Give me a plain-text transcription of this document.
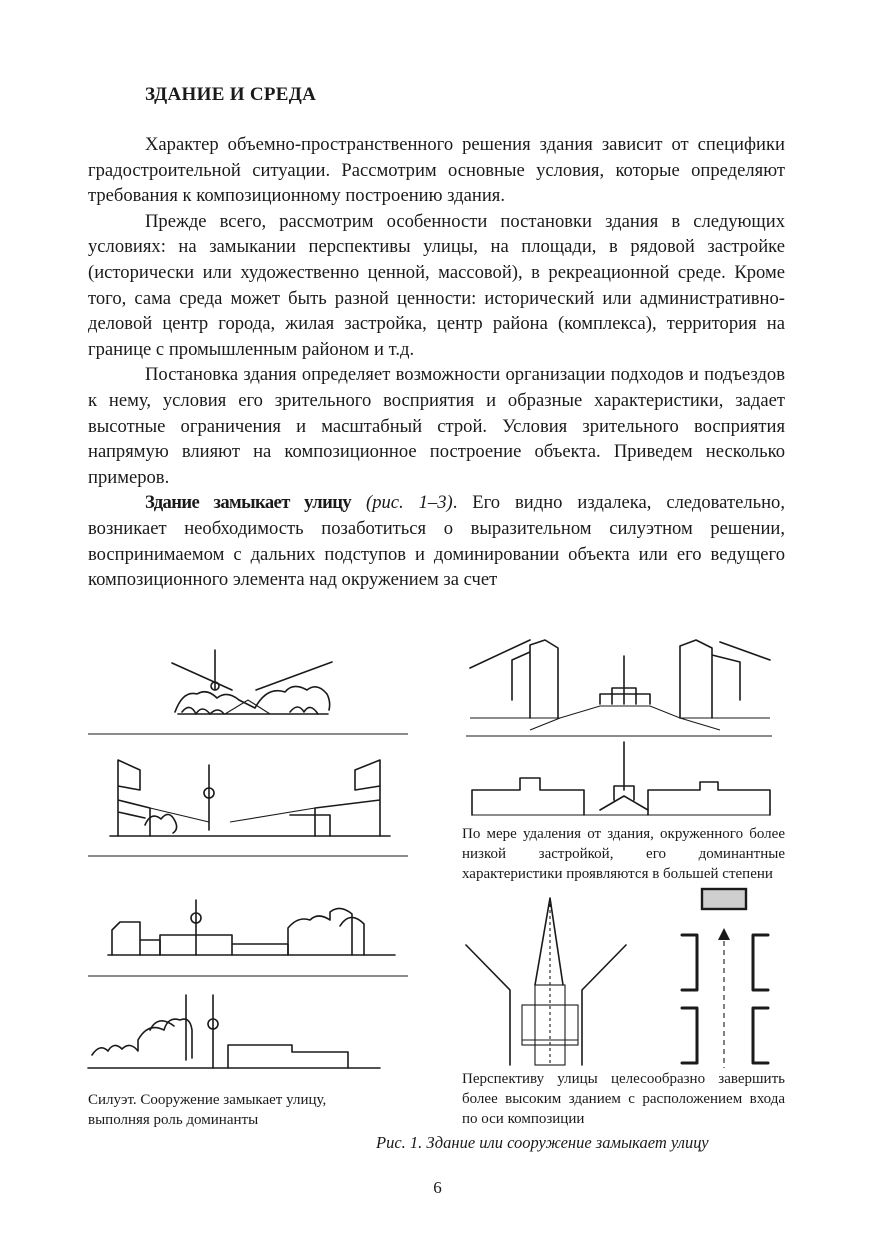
ЗДАНИЕ И СРЕДА

Характер объемно-пространственного решения здания зависит от специфики градостроительной ситуации. Рассмотрим основные условия, которые определяют требования к композиционному построению здания.

Прежде всего, рассмотрим особенности постановки здания в следующих условиях: на замыкании перспективы улицы, на площади, в рядовой застройке (исторически или художественно ценной, массовой), в рекреационной среде. Кроме того, сама среда может быть разной ценности: исторический или административно-деловой центр города, жилая застройка, центр района (комплекса), территория на границе с промышленным районом и т.д.

Постановка здания определяет возможности организации подходов и подъездов к нему, условия его зрительного восприятия и образные характеристики, задает высотные ограничения и масштабный строй. Условия зрительного восприятия напрямую влияют на композиционное построение объекта. Приведем несколько примеров.

Здание замыкает улицу (рис. 1–3). Его видно издалека, следовательно, возникает необходимость позаботиться о выразительном силуэтном решении, воспринимаемом с дальних подступов и доминировании объекта или его ведущего композиционного элемента над окружением за счет

По мере удаления от здания, окруженного более низкой застройкой, его доминантные характеристики проявляются в большей степени
Перспективу улицы целесообразно завершить более высоким зданием с расположением входа по оси композиции
Силуэт. Сооружение замыкает улицу, выполняя роль доминанты
Рис. 1. Здание или сооружение замыкает улицу
6
